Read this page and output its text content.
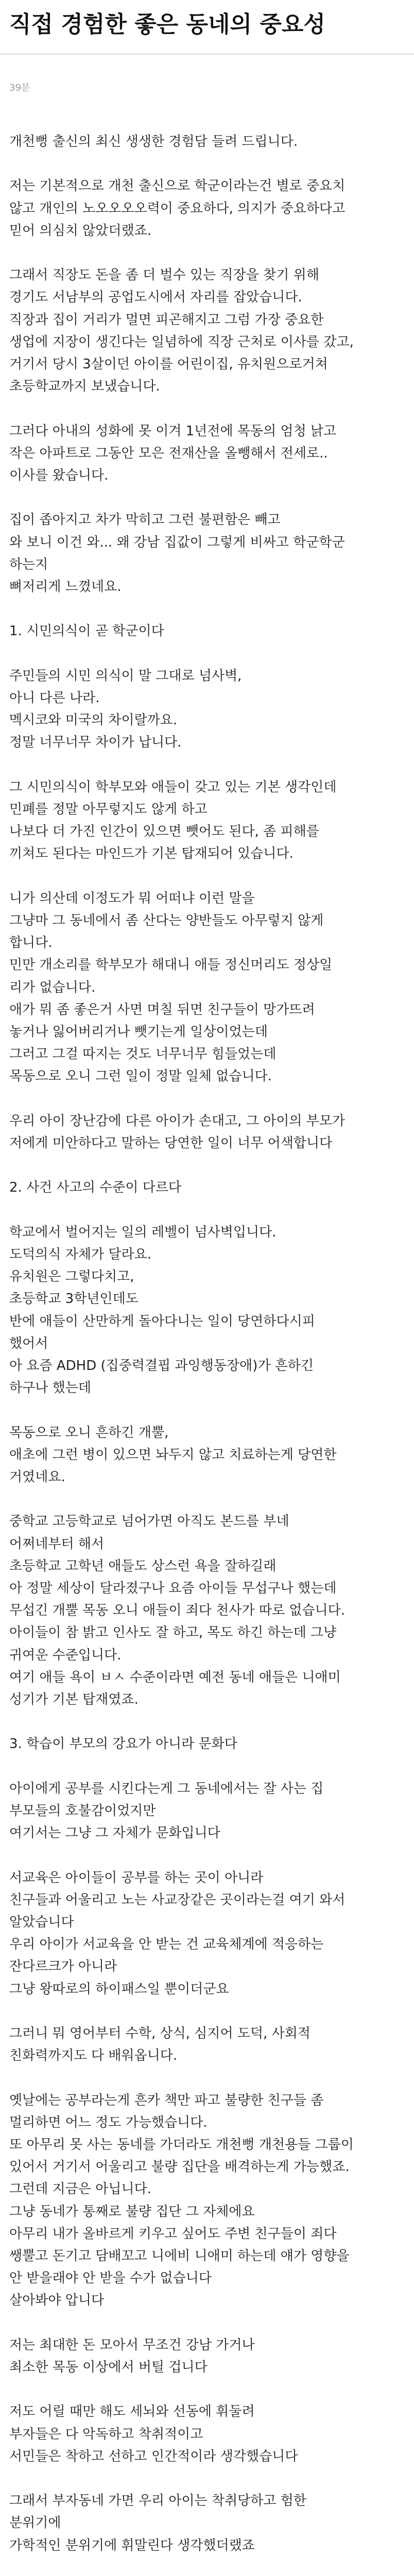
직접 경험한 좋은 동네의 중요성
39분

개천뻥 출신의 최신 생생한 경험담 들려 드립니다.

저는 기본적으로 개천 출신으로 학군이라는건 별로 중요치
않고 개인의 노오오오오력이 중요하다, 의지가 중요하다고
믿어 의심치 않았더랬죠.

그래서 직장도 돈을 좀 더 벌수 있는 직장을 찾기 위해
경기도 서남부의 공업도시에서 자리를 잡았습니다.
직장과 집이 거리가 멀면 피곤해지고 그럼 가장 중요한
생업에 지장이 생긴다는 일념하에 직장 근처로 이사를 갔고,
거기서 당시 3살이던 아이를 어린이집, 유치원으로거쳐
초등학교까지 보냈습니다.

그러다 아내의 성화에 못 이겨 1년전에 목동의 엄청 낡고
작은 아파트로 그동안 모은 전재산을 올뺑해서 전세로..
이사를 왔습니다.

집이 좁아지고 차가 막히고 그런 불편함은 빼고
와 보니 이건 와... 왜 강남 집값이 그렇게 비싸고 학군학군
하는지
뼈저리게 느꼈네요.

1. 시민의식이 곧 학군이다

주민들의 시민 의식이 말 그대로 넘사벽,
아니 다른 나라.
멕시코와 미국의 차이랄까요.
정말 너무너무 차이가 납니다.

그 시민의식이 학부모와 애들이 갖고 있는 기본 생각인데
민폐를 정말 아무렇지도 않게 하고
나보다 더 가진 인간이 있으면 뺏어도 된다, 좀 피해를
끼쳐도 된다는 마인드가 기본 탑재되어 있습니다.

니가 의산데 이정도가 뭐 어떠냐 이런 말을
그냥마 그 동네에서 좀 산다는 양반들도 아무렇지 않게
합니다.
민만 개소리를 학부모가 해대니 애들 정신머리도 정상일
리가 없습니다.
애가 뭐 좀 좋은거 사면 며칠 뒤면 친구들이 망가뜨려
놓거나 잃어버리거나 뺏기는게 일상이었는데
그러고 그걸 따지는 것도 너무너무 힘들었는데
목동으로 오니 그런 일이 정말 일체 없습니다.

우리 아이 장난감에 다른 아이가 손대고, 그 아이의 부모가
저에게 미안하다고 말하는 당연한 일이 너무 어색합니다

2. 사건 사고의 수준이 다르다

학교에서 벌어지는 일의 레벨이 넘사벽입니다.
도덕의식 자체가 달라요.
유치원은 그렇다치고,
초등학교 3학년인데도
반에 애들이 산만하게 돌아다니는 일이 당연하다시피
했어서
아 요즘 ADHD (집중력결핍 과잉행동장애)가 흔하긴
하구나 했는데

목동으로 오니 흔하긴 개뿔,
애초에 그런 병이 있으면 놔두지 않고 치료하는게 당연한
거였네요.

중학교 고등학교로 넘어가면 아직도 본드를 부네
어쩌네부터 해서
초등학교 고학년 애들도 상스런 욕을 잘하길래
아 정말 세상이 달라졌구나 요즘 아이들 무섭구나 했는데
무섭긴 개뿔 목동 오니 애들이 죄다 천사가 따로 없습니다.
아이들이 참 밝고 인사도 잘 하고, 목도 하긴 하는데 그냥
귀여운 수준입니다.
여기 애들 욕이 ㅂㅅ 수준이라면 예전 동네 애들은 니애미
성기가 기본 탑재였죠.

3. 학습이 부모의 강요가 아니라 문화다

아이에게 공부를 시킨다는게 그 동네에서는 잘 사는 집
부모들의 호불감이었지만
여기서는 그냥 그 자체가 문화입니다

서교육은 아이들이 공부를 하는 곳이 아니라
친구들과 어울리고 노는 사교장같은 곳이라는걸 여기 와서
알았습니다
우리 아이가 서교육을 안 받는 건 교육체계에 적응하는
잔다르크가 아니라
그냥 왕따로의 하이패스일 뿐이더군요

그러니 뭐 영어부터 수학, 상식, 심지어 도덕, 사회적
친화력까지도 다 배워옵니다.

옛날에는 공부라는게 흔카 책만 파고 불량한 친구들 좀
멀리하면 어느 정도 가능했습니다.
또 아무리 못 사는 동네를 가더라도 개천뻥 개천용들 그룹이
있어서 거기서 어울리고 불량 집단을 배격하는게 가능했죠.
그런데 지금은 아닙니다.
그냥 동네가 통째로 불량 집단 그 자체에요
아무리 내가 올바르게 키우고 싶어도 주변 친구들이 죄다
쌩뿔고 돈기고 담배꼬고 니에비 니애미 하는데 얘가 영향을
안 받을래야 안 받을 수가 없습니다
살아봐야 압니다

저는 최대한 돈 모아서 무조건 강남 가거나
최소한 목동 이상에서 버틸 겁니다

저도 어릴 때만 해도 세뇌와 선동에 휘둘려
부자들은 다 악독하고 착취적이고
서민들은 착하고 선하고 인간적이라 생각했습니다

그래서 부자동네 가면 우리 아이는 착취당하고 험한
분위기에
가학적인 분위기에 휘말린다 생각했더랬죠
